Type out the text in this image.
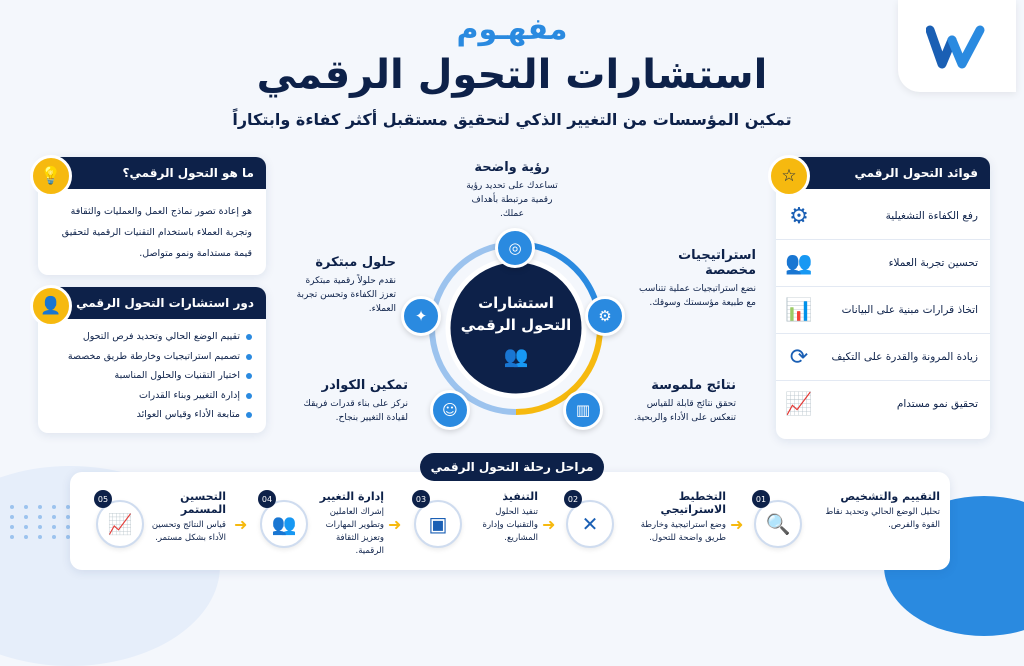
مفهـوم
استشارات التحول الرقمي
تمكين المؤسسات من التغيير الذكي لتحقيق مستقبل أكثر كفاءة وابتكاراً
ما هو التحول الرقمي؟
💡
هو إعادة تصور نماذج العمل والعمليات والثقافة وتجربة العملاء باستخدام التقنيات الرقمية لتحقيق قيمة مستدامة ونمو متواصل.
دور استشارات التحول الرقمي
👤
تقييم الوضع الحالي وتحديد فرص التحول
تصميم استراتيجيات وخارطة طريق مخصصة
اختيار التقنيات والحلول المناسبة
إدارة التغيير وبناء القدرات
متابعة الأداء وقياس العوائد
فوائد التحول الرقمي
☆
رفع الكفاءة التشغيلية
⚙
تحسين تجربة العملاء
👥
اتخاذ قرارات مبنية على البيانات
📊
زيادة المرونة والقدرة على التكيف
⟳
تحقيق نمو مستدام
📈
استشارات
التحول الرقمي
👥
◎
⚙
▥
☺
✦
رؤية واضحة
تساعدك على تحديد رؤية رقمية مرتبطة بأهداف عملك.
استراتيجيات مخصصة
نضع استراتيجيات عملية تتناسب مع طبيعة مؤسستك وسوقك.
نتائج ملموسة
تحقق نتائج قابلة للقياس تنعكس على الأداء والربحية.
تمكين الكوادر
نركز على بناء قدرات فريقك لقيادة التغيير بنجاح.
حلول مبتكرة
نقدم حلولاً رقمية مبتكرة تعزز الكفاءة وتحسن تجربة العملاء.
مراحل رحلة التحول الرقمي
التقييم والتشخيص
تحليل الوضع الحالي وتحديد نقاط القوة والفرص.
🔍
01
➜
التخطيط الاستراتيجي
وضع استراتيجية وخارطة طريق واضحة للتحول.
✕
02
➜
التنفيذ
تنفيذ الحلول والتقنيات وإدارة المشاريع.
▣
03
➜
إدارة التغيير
إشراك العاملين وتطوير المهارات وتعزيز الثقافة الرقمية.
👥
04
➜
التحسين المستمر
قياس النتائج وتحسين الأداء بشكل مستمر.
📈
05
